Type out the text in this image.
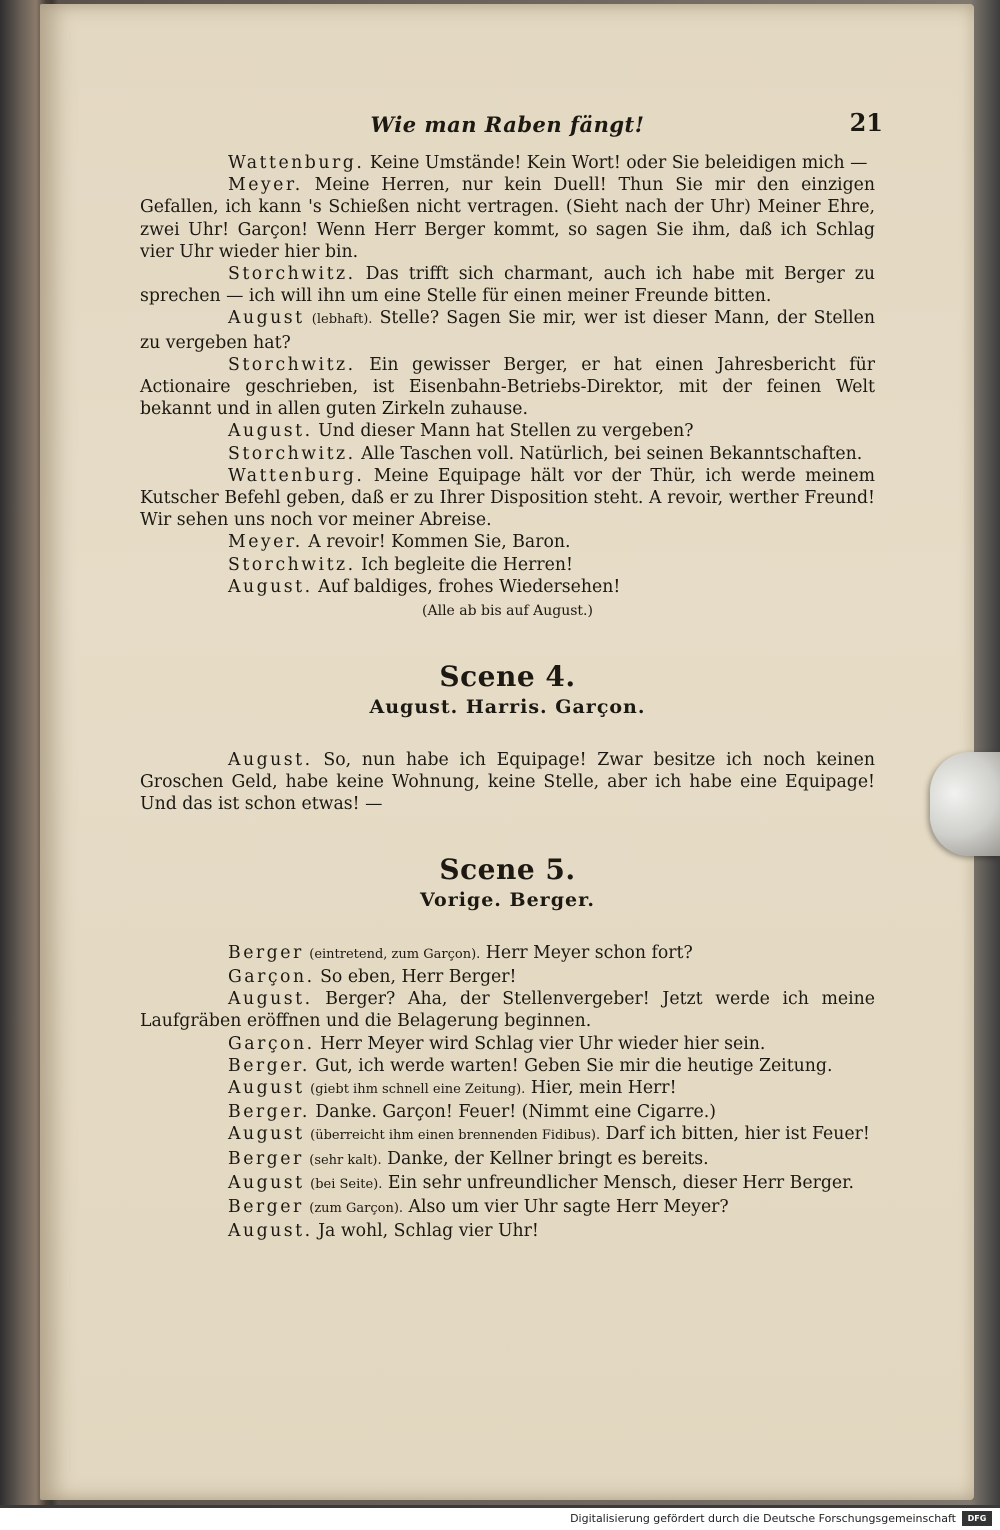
Wie man Raben fängt!	21

Wattenburg. Keine Umstände! Kein Wort! oder Sie beleidigen mich —

Meyer. Meine Herren, nur kein Duell! Thun Sie mir den einzigen Gefallen, ich kann 's Schießen nicht vertragen. (Sieht nach der Uhr) Meiner Ehre, zwei Uhr! Garçon! Wenn Herr Berger kommt, so sagen Sie ihm, daß ich Schlag vier Uhr wieder hier bin.

Storchwitz. Das trifft sich charmant, auch ich habe mit Berger zu sprechen — ich will ihn um eine Stelle für einen meiner Freunde bitten.

August (lebhaft). Stelle? Sagen Sie mir, wer ist dieser Mann, der Stellen zu vergeben hat?

Storchwitz. Ein gewisser Berger, er hat einen Jahresbericht für Actionaire geschrieben, ist Eisenbahn-Betriebs-Direktor, mit der feinen Welt bekannt und in allen guten Zirkeln zuhause.

August. Und dieser Mann hat Stellen zu vergeben?

Storchwitz. Alle Taschen voll. Natürlich, bei seinen Bekanntschaften.

Wattenburg. Meine Equipage hält vor der Thür, ich werde meinem Kutscher Befehl geben, daß er zu Ihrer Disposition steht. A revoir, werther Freund! Wir sehen uns noch vor meiner Abreise.

Meyer. A revoir! Kommen Sie, Baron.

Storchwitz. Ich begleite die Herren!

August. Auf baldiges, frohes Wiedersehen!

(Alle ab bis auf August.)

Scene 4.
August. Harris. Garçon.

August. So, nun habe ich Equipage! Zwar besitze ich noch keinen Groschen Geld, habe keine Wohnung, keine Stelle, aber ich habe eine Equipage! Und das ist schon etwas! —

Scene 5.
Vorige. Berger.

Berger (eintretend, zum Garçon). Herr Meyer schon fort?

Garçon. So eben, Herr Berger!

August. Berger? Aha, der Stellenvergeber! Jetzt werde ich meine Laufgräben eröffnen und die Belagerung beginnen.

Garçon. Herr Meyer wird Schlag vier Uhr wieder hier sein.

Berger. Gut, ich werde warten! Geben Sie mir die heutige Zeitung.

August (giebt ihm schnell eine Zeitung). Hier, mein Herr!

Berger. Danke. Garçon! Feuer! (Nimmt eine Cigarre.)

August (überreicht ihm einen brennenden Fidibus). Darf ich bitten, hier ist Feuer!

Berger (sehr kalt). Danke, der Kellner bringt es bereits.

August (bei Seite). Ein sehr unfreundlicher Mensch, dieser Herr Berger.

Berger (zum Garçon). Also um vier Uhr sagte Herr Meyer?

August. Ja wohl, Schlag vier Uhr!

Digitalisierung gefördert durch die Deutsche Forschungsgemeinschaft	DFG
